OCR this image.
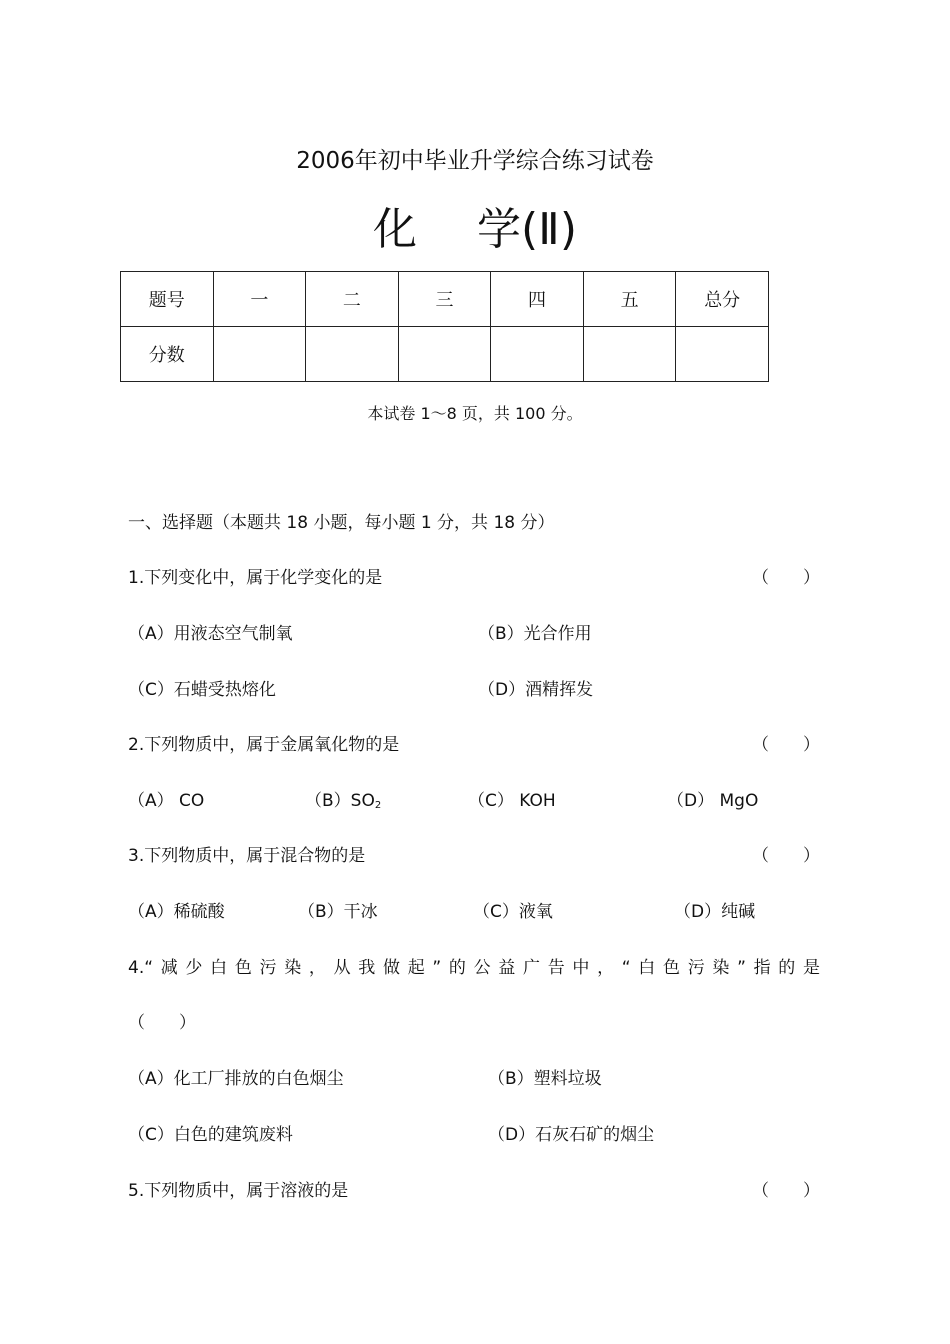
2006年初中毕业升学综合练习试卷
化 学(Ⅱ)
题号	一	二	三	四	五	总分
分数						
本试卷 1～8 页，共 100 分。
一、选择题（本题共 18 小题，每小题 1 分，共 18 分）
1.下列变化中，属于化学变化的是	（　　）
（A）用液态空气制氧	（B）光合作用
（C）石蜡受热熔化	（D）酒精挥发
2.下列物质中，属于金属氧化物的是	（　　）
（A） CO	$(B)SO_2$	（C） KOH	（D） MgO
3.下列物质中，属于混合物的是	（　　）
（A）稀硫酸	（B）干冰	（C）液氧	（D）纯碱
4.“减少白色污染，从我做起”的公益广告中，“白色污染”指的是
（　　）
（A）化工厂排放的白色烟尘	（B）塑料垃圾
（C）白色的建筑废料	（D）石灰石矿的烟尘
5.下列物质中，属于溶液的是	（　　）
